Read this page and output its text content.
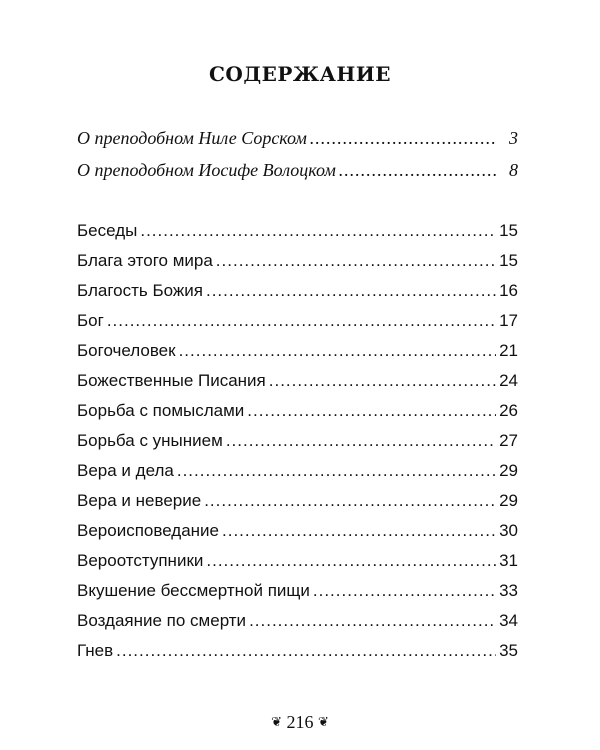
СОДЕРЖАНИЕ
О преподобном Ниле Сорском .....	3
О преподобном Иосифе Волоцком .....	8
Беседы .....	15
Блага этого мира .....	15
Благость Божия .....	16
Бог .....	17
Богочеловек .....	21
Божественные Писания .....	24
Борьба с помыслами .....	26
Борьба с унынием .....	27
Вера и дела .....	29
Вера и неверие .....	29
Вероисповедание .....	30
Вероотступники .....	31
Вкушение бессмертной пищи .....	33
Воздаяние по смерти .....	34
Гнев .....	35
❦ 216 ❦
